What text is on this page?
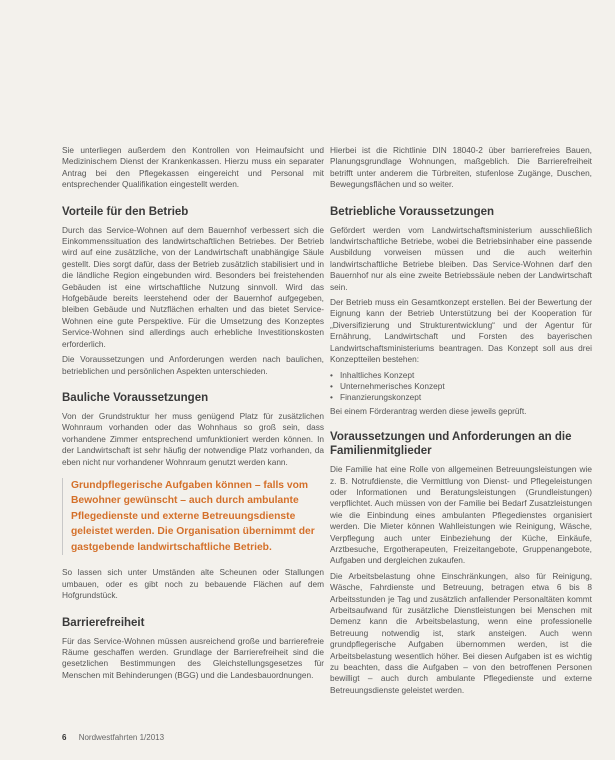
Sie unterliegen außerdem den Kontrollen von Heimaufsicht und Medizinischem Dienst der Krankenkassen. Hierzu muss ein separater Antrag bei den Pflegekassen eingereicht und Personal mit entsprechender Qualifikation eingestellt werden.

Vorteile für den Betrieb

Durch das Service-Wohnen auf dem Bauernhof verbessert sich die Einkommenssituation des landwirtschaftlichen Betriebes. Der Betrieb wird auf eine zusätzliche, von der Landwirtschaft unabhängige Säule gestellt. Dies sorgt dafür, dass der Betrieb zusätzlich stabilisiert und in die ländliche Region eingebunden wird. Besonders bei freistehenden Gebäuden ist eine wirtschaftliche Nutzung sinnvoll. Wird das Hofgebäude bereits leerstehend oder der Bauernhof aufgegeben, bleiben Gebäude und Nutzflächen erhalten und das bietet Service-Wohnen eine gute Perspektive. Für die Umsetzung des Konzeptes Service-Wohnen sind allerdings auch erhebliche Investitionskosten erforderlich.

Die Voraussetzungen und Anforderungen werden nach baulichen, betrieblichen und persönlichen Aspekten unterschieden.

Bauliche Voraussetzungen

Von der Grundstruktur her muss genügend Platz für zusätzlichen Wohnraum vorhanden oder das Wohnhaus so groß sein, dass vorhandene Zimmer entsprechend umfunktioniert werden können. In der Landwirtschaft ist sehr häufig der notwendige Platz vorhanden, da eben nicht nur vorhandener Wohnraum genutzt werden kann.

Grundpflegerische Aufgaben können – falls vom
Bewohner gewünscht – auch durch ambulante
Pflegedienste und externe Betreuungsdienste
geleistet werden. Die Organisation übernimmt der
gastgebende landwirtschaftliche Betrieb.

So lassen sich unter Umständen alte Scheunen oder Stallungen umbauen, oder es gibt noch zu bebauende Flächen auf dem Hofgrundstück.

Barrierefreiheit

Für das Service-Wohnen müssen ausreichend große und barrierefreie Räume geschaffen werden. Grundlage der Barrierefreiheit sind die gesetzlichen Bestimmungen des Gleichstellungsgesetzes für Menschen mit Behinderungen (BGG) und die Landesbauordnungen.

Hierbei ist die Richtlinie DIN 18040-2 über barrierefreies Bauen, Planungsgrundlage Wohnungen, maßgeblich. Die Barrierefreiheit betrifft unter anderem die Türbreiten, stufenlose Zugänge, Duschen, Bewegungsflächen und so weiter.

Betriebliche Voraussetzungen

Gefördert werden vom Landwirtschaftsministerium ausschließlich landwirtschaftliche Betriebe, wobei die Betriebsinhaber eine passende Ausbildung vorweisen müssen und die auch weiterhin landwirtschaftliche Betriebe bleiben. Das Service-Wohnen darf den Bauernhof nur als eine zweite Betriebssäule neben der Landwirtschaft sein.

Der Betrieb muss ein Gesamtkonzept erstellen. Bei der Bewertung der Eignung kann der Betrieb Unterstützung bei der Kooperation für „Diversifizierung und Strukturentwicklung“ und der Agentur für Ernährung, Landwirtschaft und Forsten des bayerischen Landwirtschaftsministeriums beantragen. Das Konzept soll aus drei Konzeptteilen bestehen:

• Inhaltliches Konzept
• Unternehmerisches Konzept
• Finanzierungskonzept

Bei einem Förderantrag werden diese jeweils geprüft.

Voraussetzungen und Anforderungen an die Familienmitglieder

Die Familie hat eine Rolle von allgemeinen Betreuungsleistungen wie z. B. Notrufdienste, die Vermittlung von Dienst- und Pflegeleistungen oder Informationen und Beratungsleistungen (Grundleistungen) verpflichtet. Auch müssen von der Familie bei Bedarf Zusatzleistungen wie die Einbindung eines ambulanten Pflegedienstes organisiert werden. Die Mieter können Wahlleistungen wie Reinigung, Wäsche, Verpflegung auch unter Einbeziehung der Küche, Einkäufe, Arztbesuche, Ergotherapeuten, Freizeitangebote, Gruppenangebote, Aufgaben und dergleichen zukaufen.

Die Arbeitsbelastung ohne Einschränkungen, also für Reinigung, Wäsche, Fahrdienste und Betreuung, betragen etwa 6 bis 8 Arbeitsstunden je Tag und zusätzlich anfallender Personaltäten kommt Arbeitsaufwand für zusätzliche Dienstleistungen bei Menschen mit Demenz kann die Arbeitsbelastung, wenn eine professionelle Betreuung notwendig ist, stark ansteigen. Auch wenn grundpflegerische Aufgaben übernommen werden, ist die Arbeitsbelastung wesentlich höher. Bei diesen Aufgaben ist es wichtig zu beachten, dass die Aufgaben – von den betroffenen Personen bewilligt – auch durch ambulante Pflegedienste und externe Betreuungsdienste geleistet werden.

6 Nordwestfahrten 1/2013
